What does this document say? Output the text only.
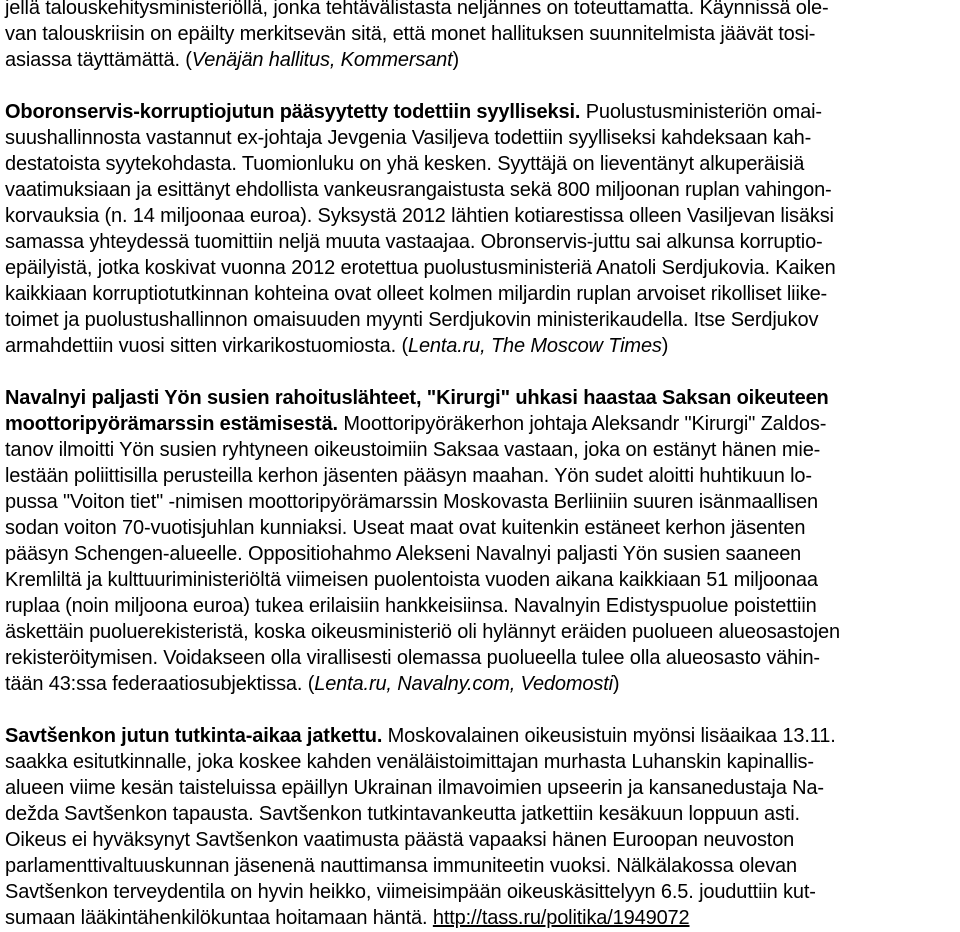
jellä talouskehitysministeriöllä, jonka tehtävälistasta neljännes on toteuttamatta. Käynnissä ole-
van talouskriisin on epäilty merkitsevän sitä, että monet hallituksen suunnitelmista jäävät tosi-
asiassa täyttämättä. (Venäjän hallitus, Kommersant)
Oboronservis-korruptiojutun pääsyytetty todettiin syylliseksi. Puolustusministeriön omai-
suushallinnosta vastannut ex-johtaja Jevgenia Vasiljeva todettiin syylliseksi kahdeksaan kah-
destatoista syytekohdasta. Tuomionluku on yhä kesken. Syyttäjä on lieventänyt alkuperäisiä
vaatimuksiaan ja esittänyt ehdollista vankeusrangaistusta sekä 800 miljoonan ruplan vahingon-
korvauksia (n. 14 miljoonaa euroa). Syksystä 2012 lähtien kotiarestissa olleen Vasiljevan lisäksi
samassa yhteydessä tuomittiin neljä muuta vastaajaa. Obronservis-juttu sai alkunsa korruptio-
epäilyistä, jotka koskivat vuonna 2012 erotettua puolustusministeriä Anatoli Serdjukovia. Kaiken
kaikkiaan korruptiotutkinnan kohteina ovat olleet kolmen miljardin ruplan arvoiset rikolliset liike-
toimet ja puolustushallinnon omaisuuden myynti Serdjukovin ministerikaudella. Itse Serdjukov
armahdettiin vuosi sitten virkarikostuomiosta. (Lenta.ru, The Moscow Times)
Navalnyi paljasti Yön susien rahoituslähteet, "Kirurgi" uhkasi haastaa Saksan oikeuteen
moottoripyörämarssin estämisestä. Moottoripyöräkerhon johtaja Aleksandr "Kirurgi" Zaldos-
tanov ilmoitti Yön susien ryhtyneen oikeustoimiin Saksaa vastaan, joka on estänyt hänen mie-
lestään poliittisilla perusteilla kerhon jäsenten pääsyn maahan. Yön sudet aloitti huhtikuun lo-
pussa "Voiton tiet" -nimisen moottoripyörämarssin Moskovasta Berliiniin suuren isänmaallisen
sodan voiton 70-vuotisjuhlan kunniaksi. Useat maat ovat kuitenkin estäneet kerhon jäsenten
pääsyn Schengen-alueelle. Oppositiohahmo Alekseni Navalnyi paljasti Yön susien saaneen
Kremliltä ja kulttuuriministeriöltä viimeisen puolentoista vuoden aikana kaikkiaan 51 miljoonaa
ruplaa (noin miljoona euroa) tukea erilaisiin hankkeisiinsa. Navalnyin Edistyspuolue poistettiin
äskettäin puoluerekisteristä, koska oikeusministeriö oli hylännyt eräiden puolueen alueosastojen
rekisteröitymisen. Voidakseen olla virallisesti olemassa puolueella tulee olla alueosasto vähin-
tään 43:ssa federaatiosubjektissa. (Lenta.ru, Navalny.com, Vedomosti)
Savtšenkon jutun tutkinta-aikaa jatkettu. Moskovalainen oikeusistuin myönsi lisäaikaa 13.11.
saakka esitutkinnalle, joka koskee kahden venäläistoimittajan murhasta Luhanskin kapinallis-
alueen viime kesän taisteluissa epäillyn Ukrainan ilmavoimien upseerin ja kansanedustaja Na-
dežda Savtšenkon tapausta. Savtšenkon tutkintavankeutta jatkettiin kesäkuun loppuun asti.
Oikeus ei hyväksynyt Savtšenkon vaatimusta päästä vapaaksi hänen Euroopan neuvoston
parlamenttivaltuuskunnan jäsenenä nauttimansa immuniteetin vuoksi. Nälkälakossa olevan
Savtšenkon terveydentila on hyvin heikko, viimeisimpään oikeuskäsittelyyn 6.5. jouduttiin kut-
sumaan lääkintähenkilökuntaa hoitamaan häntä. http://tass.ru/politika/1949072
